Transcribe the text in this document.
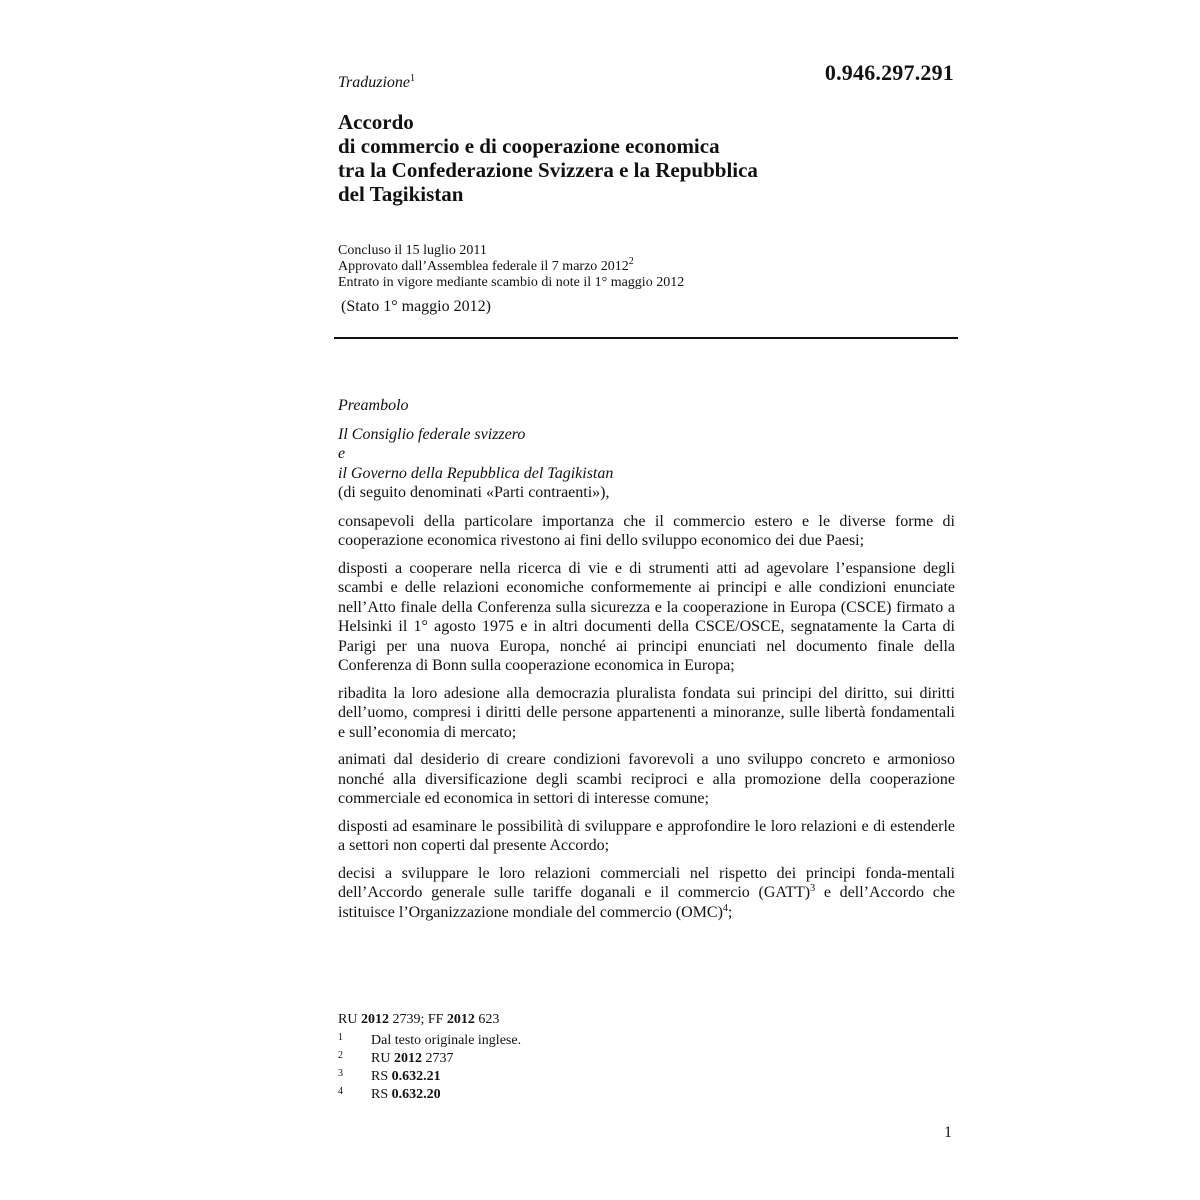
0.946.297.291
Traduzione$^1$
Accordo
di commercio e di cooperazione economica
tra la Confederazione Svizzera e la Repubblica
del Tagikistan
Concluso il 15 luglio 2011
Approvato dall’Assemblea federale il 7 marzo 2012$^2$
Entrato in vigore mediante scambio di note il 1° maggio 2012
(Stato 1° maggio 2012)
Preambolo
Il Consiglio federale svizzero
e
il Governo della Repubblica del Tagikistan
(di seguito denominati «Parti contraenti»),
consapevoli della particolare importanza che il commercio estero e le diverse forme di cooperazione economica rivestono ai fini dello sviluppo economico dei due Paesi;
disposti a cooperare nella ricerca di vie e di strumenti atti ad agevolare l’espansione degli scambi e delle relazioni economiche conformemente ai principi e alle condizioni enunciate nell’Atto finale della Conferenza sulla sicurezza e la cooperazione in Europa (CSCE) firmato a Helsinki il 1° agosto 1975 e in altri documenti della CSCE/OSCE, segnatamente la Carta di Parigi per una nuova Europa, nonché ai principi enunciati nel documento finale della Conferenza di Bonn sulla cooperazione economica in Europa;
ribadita la loro adesione alla democrazia pluralista fondata sui principi del diritto, sui diritti dell’uomo, compresi i diritti delle persone appartenenti a minoranze, sulle libertà fondamentali e sull’economia di mercato;
animati dal desiderio di creare condizioni favorevoli a uno sviluppo concreto e armonioso nonché alla diversificazione degli scambi reciproci e alla promozione della cooperazione commerciale ed economica in settori di interesse comune;
disposti ad esaminare le possibilità di sviluppare e approfondire le loro relazioni e di estenderle a settori non coperti dal presente Accordo;
decisi a sviluppare le loro relazioni commerciali nel rispetto dei principi fonda-mentali dell’Accordo generale sulle tariffe doganali e il commercio (GATT)$^3$ e dell’Accordo che istituisce l’Organizzazione mondiale del commercio (OMC)$^4$;
RU 2012 2739; FF 2012 623
1 Dal testo originale inglese.
2 RU 2012 2737
3 RS 0.632.21
4 RS 0.632.20
1
